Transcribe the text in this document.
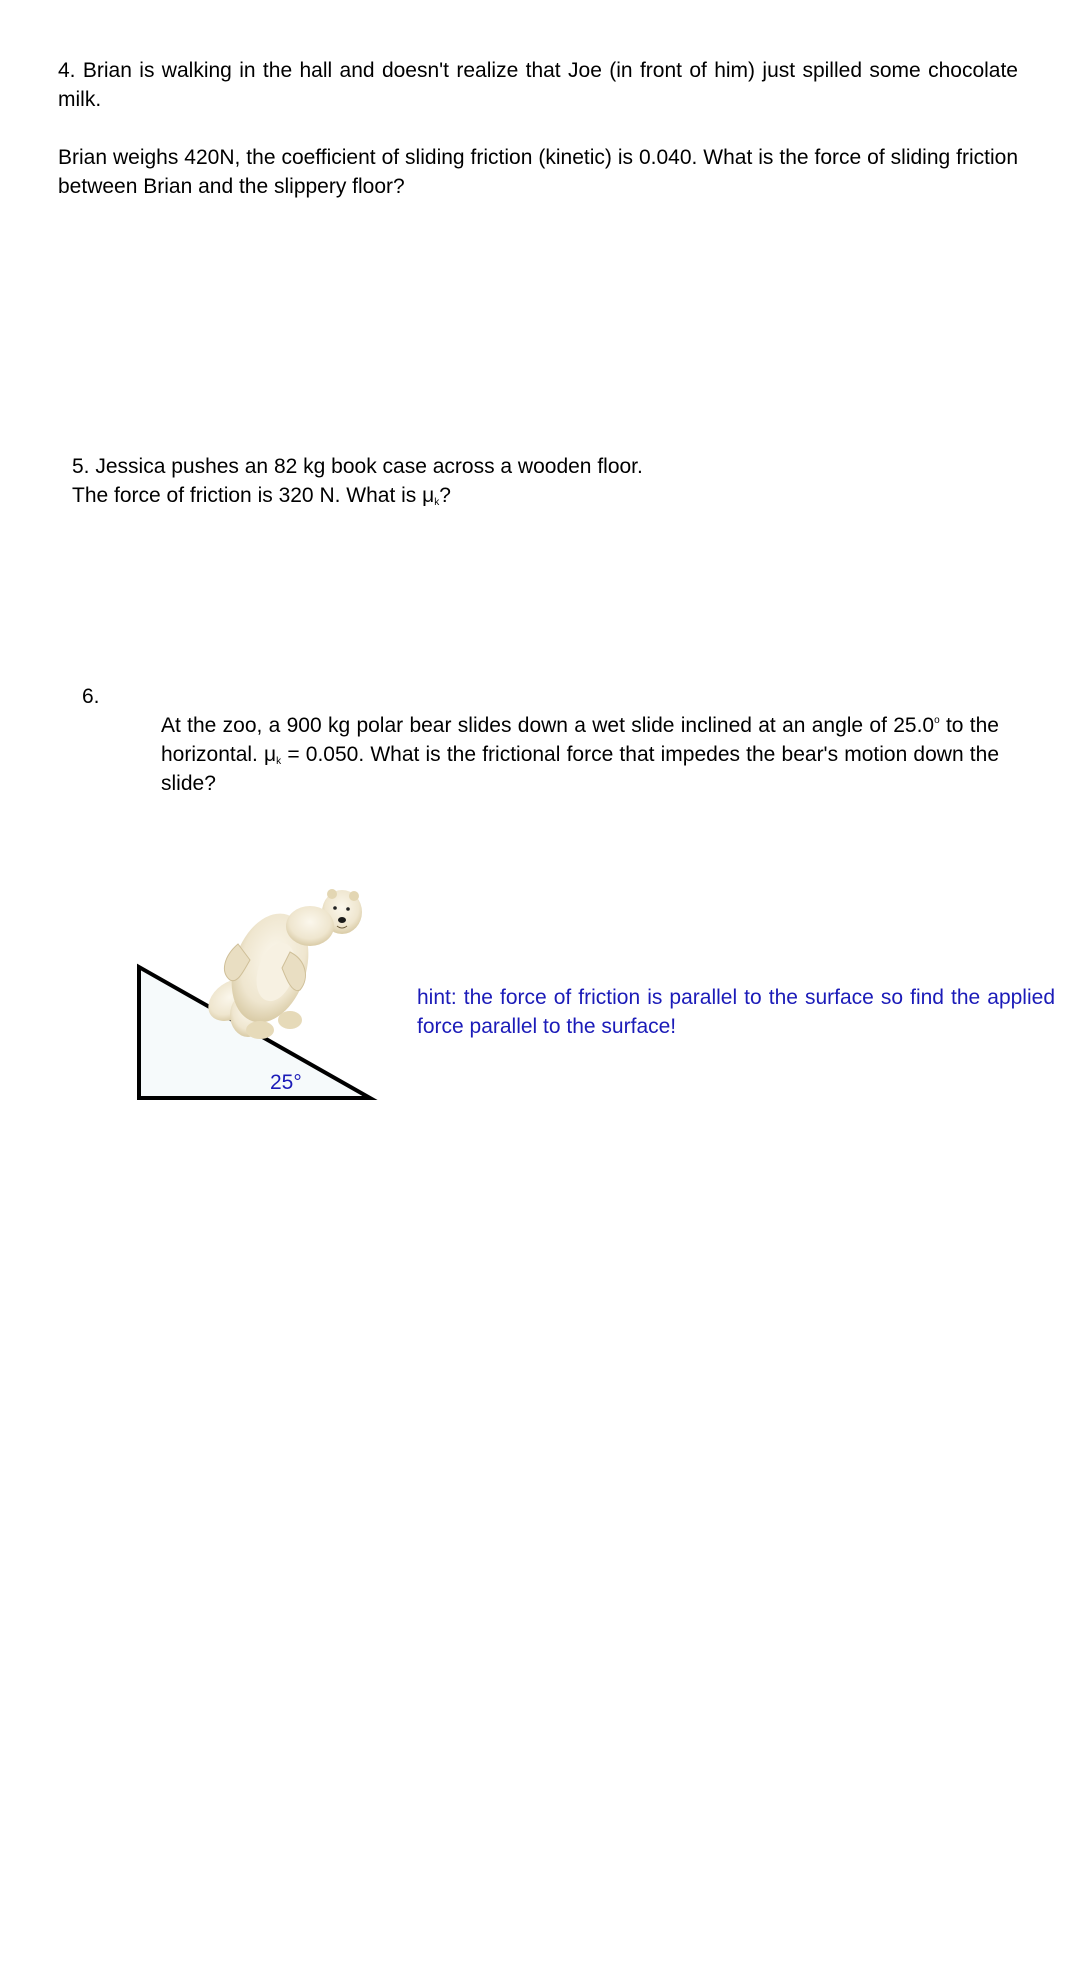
4. Brian is walking in the hall and doesn't realize that Joe (in front of him) just spilled some chocolate milk.

Brian weighs 420N, the coefficient of sliding friction (kinetic) is 0.040. What is the force of sliding friction between Brian and the slippery floor?

5. Jessica pushes an 82 kg book case across a wooden floor.

The force of friction is 320 N. What is $\mu_k$?

6.

At the zoo, a 900 kg polar bear slides down a wet slide inclined at an angle of 25.0$^o$ to the horizontal. $\mu_k = 0.050$. What is the frictional force that impedes the bear's motion down the slide?

25°

hint: the force of friction is parallel to the surface so find the applied force parallel to the surface!
